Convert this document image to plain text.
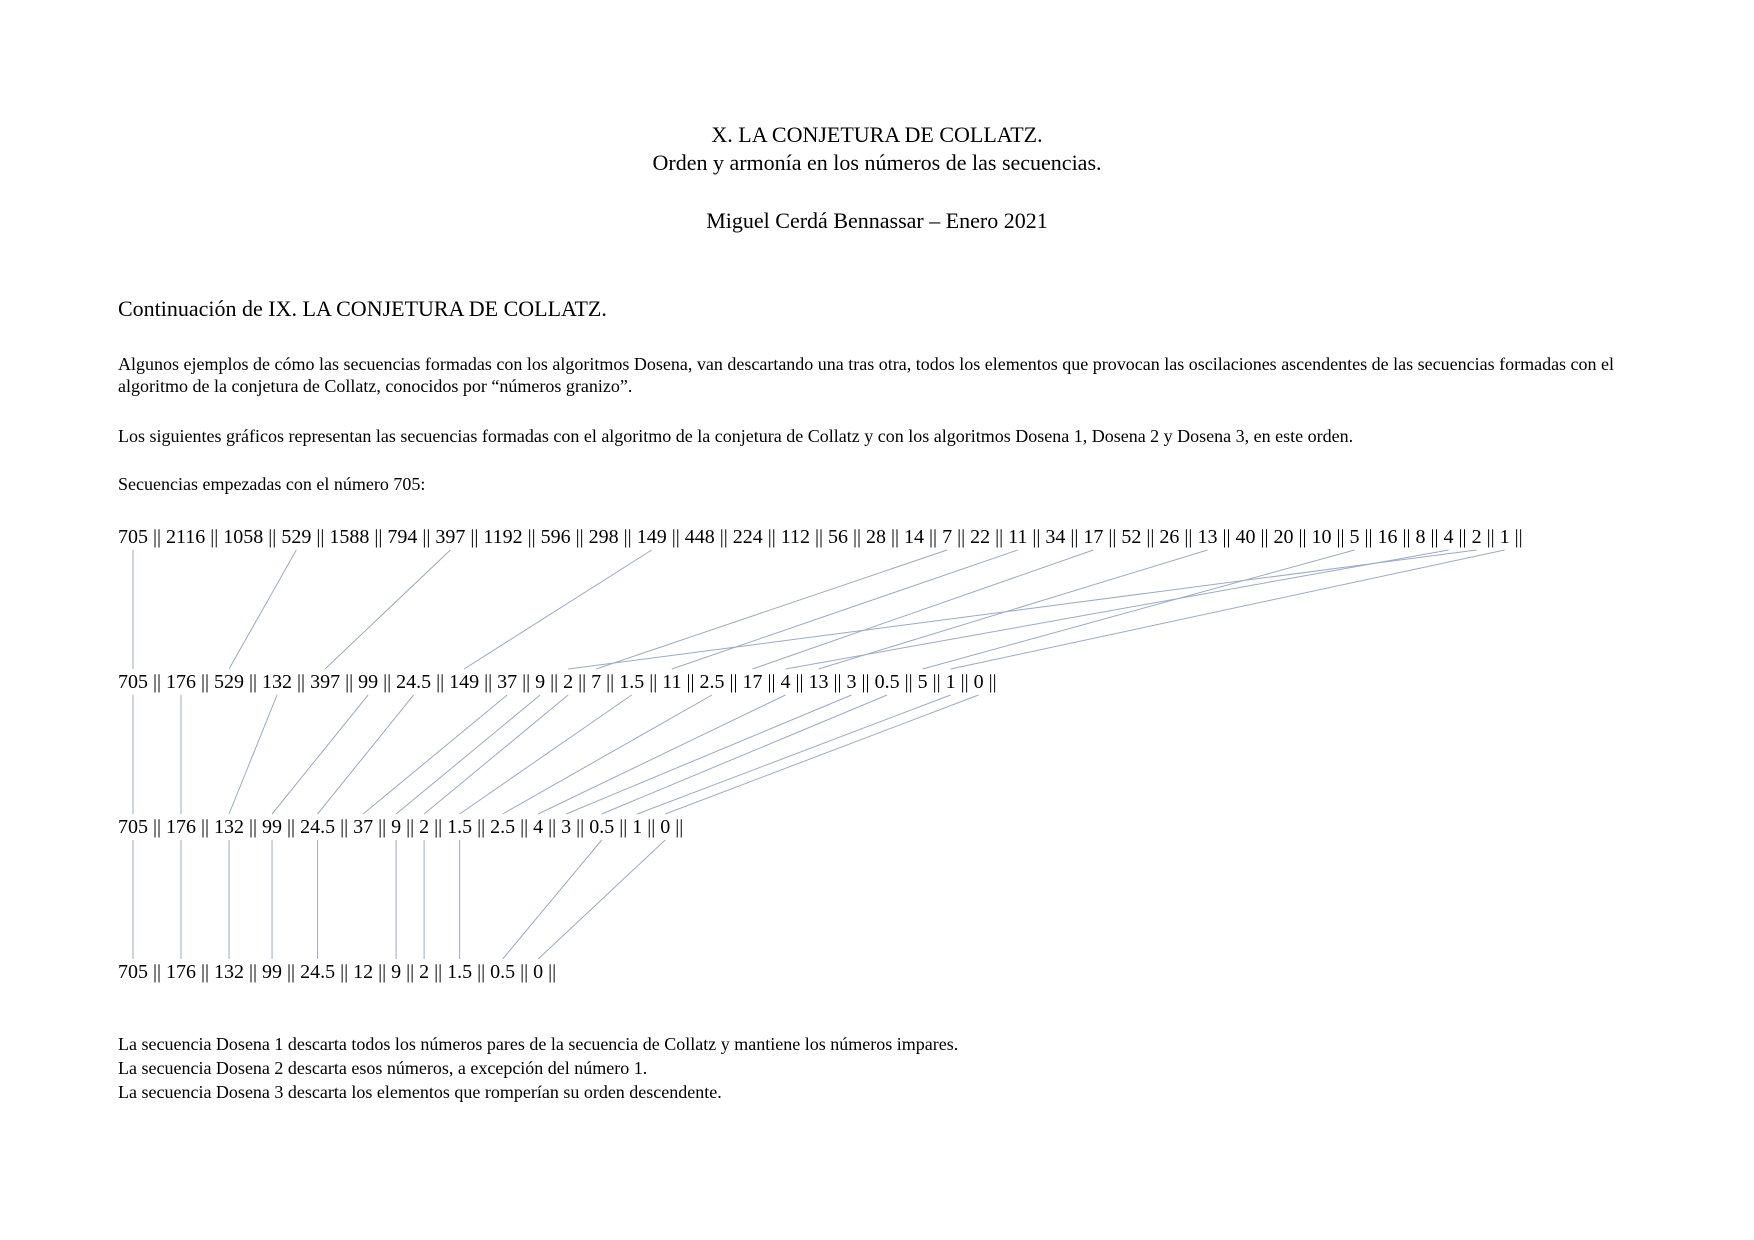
X. LA CONJETURA DE COLLATZ.
Orden y armonía en los números de las secuencias.
Miguel Cerdá Bennassar – Enero 2021
Continuación de IX. LA CONJETURA DE COLLATZ.
Algunos ejemplos de cómo las secuencias formadas con los algoritmos Dosena, van descartando una tras otra, todos los elementos que provocan las oscilaciones ascendentes de las secuencias formadas con el algoritmo de la conjetura de Collatz, conocidos por “números granizo”.
Los siguientes gráficos representan las secuencias formadas con el algoritmo de la conjetura de Collatz y con los algoritmos Dosena 1, Dosena 2 y Dosena 3, en este orden.
Secuencias empezadas con el número 705:
705 || 2116 || 1058 || 529 || 1588 || 794 || 397 || 1192 || 596 || 298 || 149 || 448 || 224 || 112 || 56 || 28 || 14 || 7 || 22 || 11 || 34 || 17 || 52 || 26 || 13 || 40 || 20 || 10 || 5 || 16 || 8 || 4 || 2 || 1 ||
705 || 176 || 529 || 132 || 397 || 99 || 24.5 || 149 || 37 || 9 || 2 || 7 || 1.5 || 11 || 2.5 || 17 || 4 || 13 || 3 || 0.5 || 5 || 1 || 0 ||
705 || 176 || 132 || 99 || 24.5 || 37 || 9 || 2 || 1.5 || 2.5 || 4 || 3 || 0.5 || 1 || 0 ||
705 || 176 || 132 || 99 || 24.5 || 12 || 9 || 2 || 1.5 || 0.5 || 0 ||
La secuencia Dosena 1 descarta todos los números pares de la secuencia de Collatz y mantiene los números impares.
La secuencia Dosena 2 descarta esos números, a excepción del número 1.
La secuencia Dosena 3 descarta los elementos que romperían su orden descendente.
